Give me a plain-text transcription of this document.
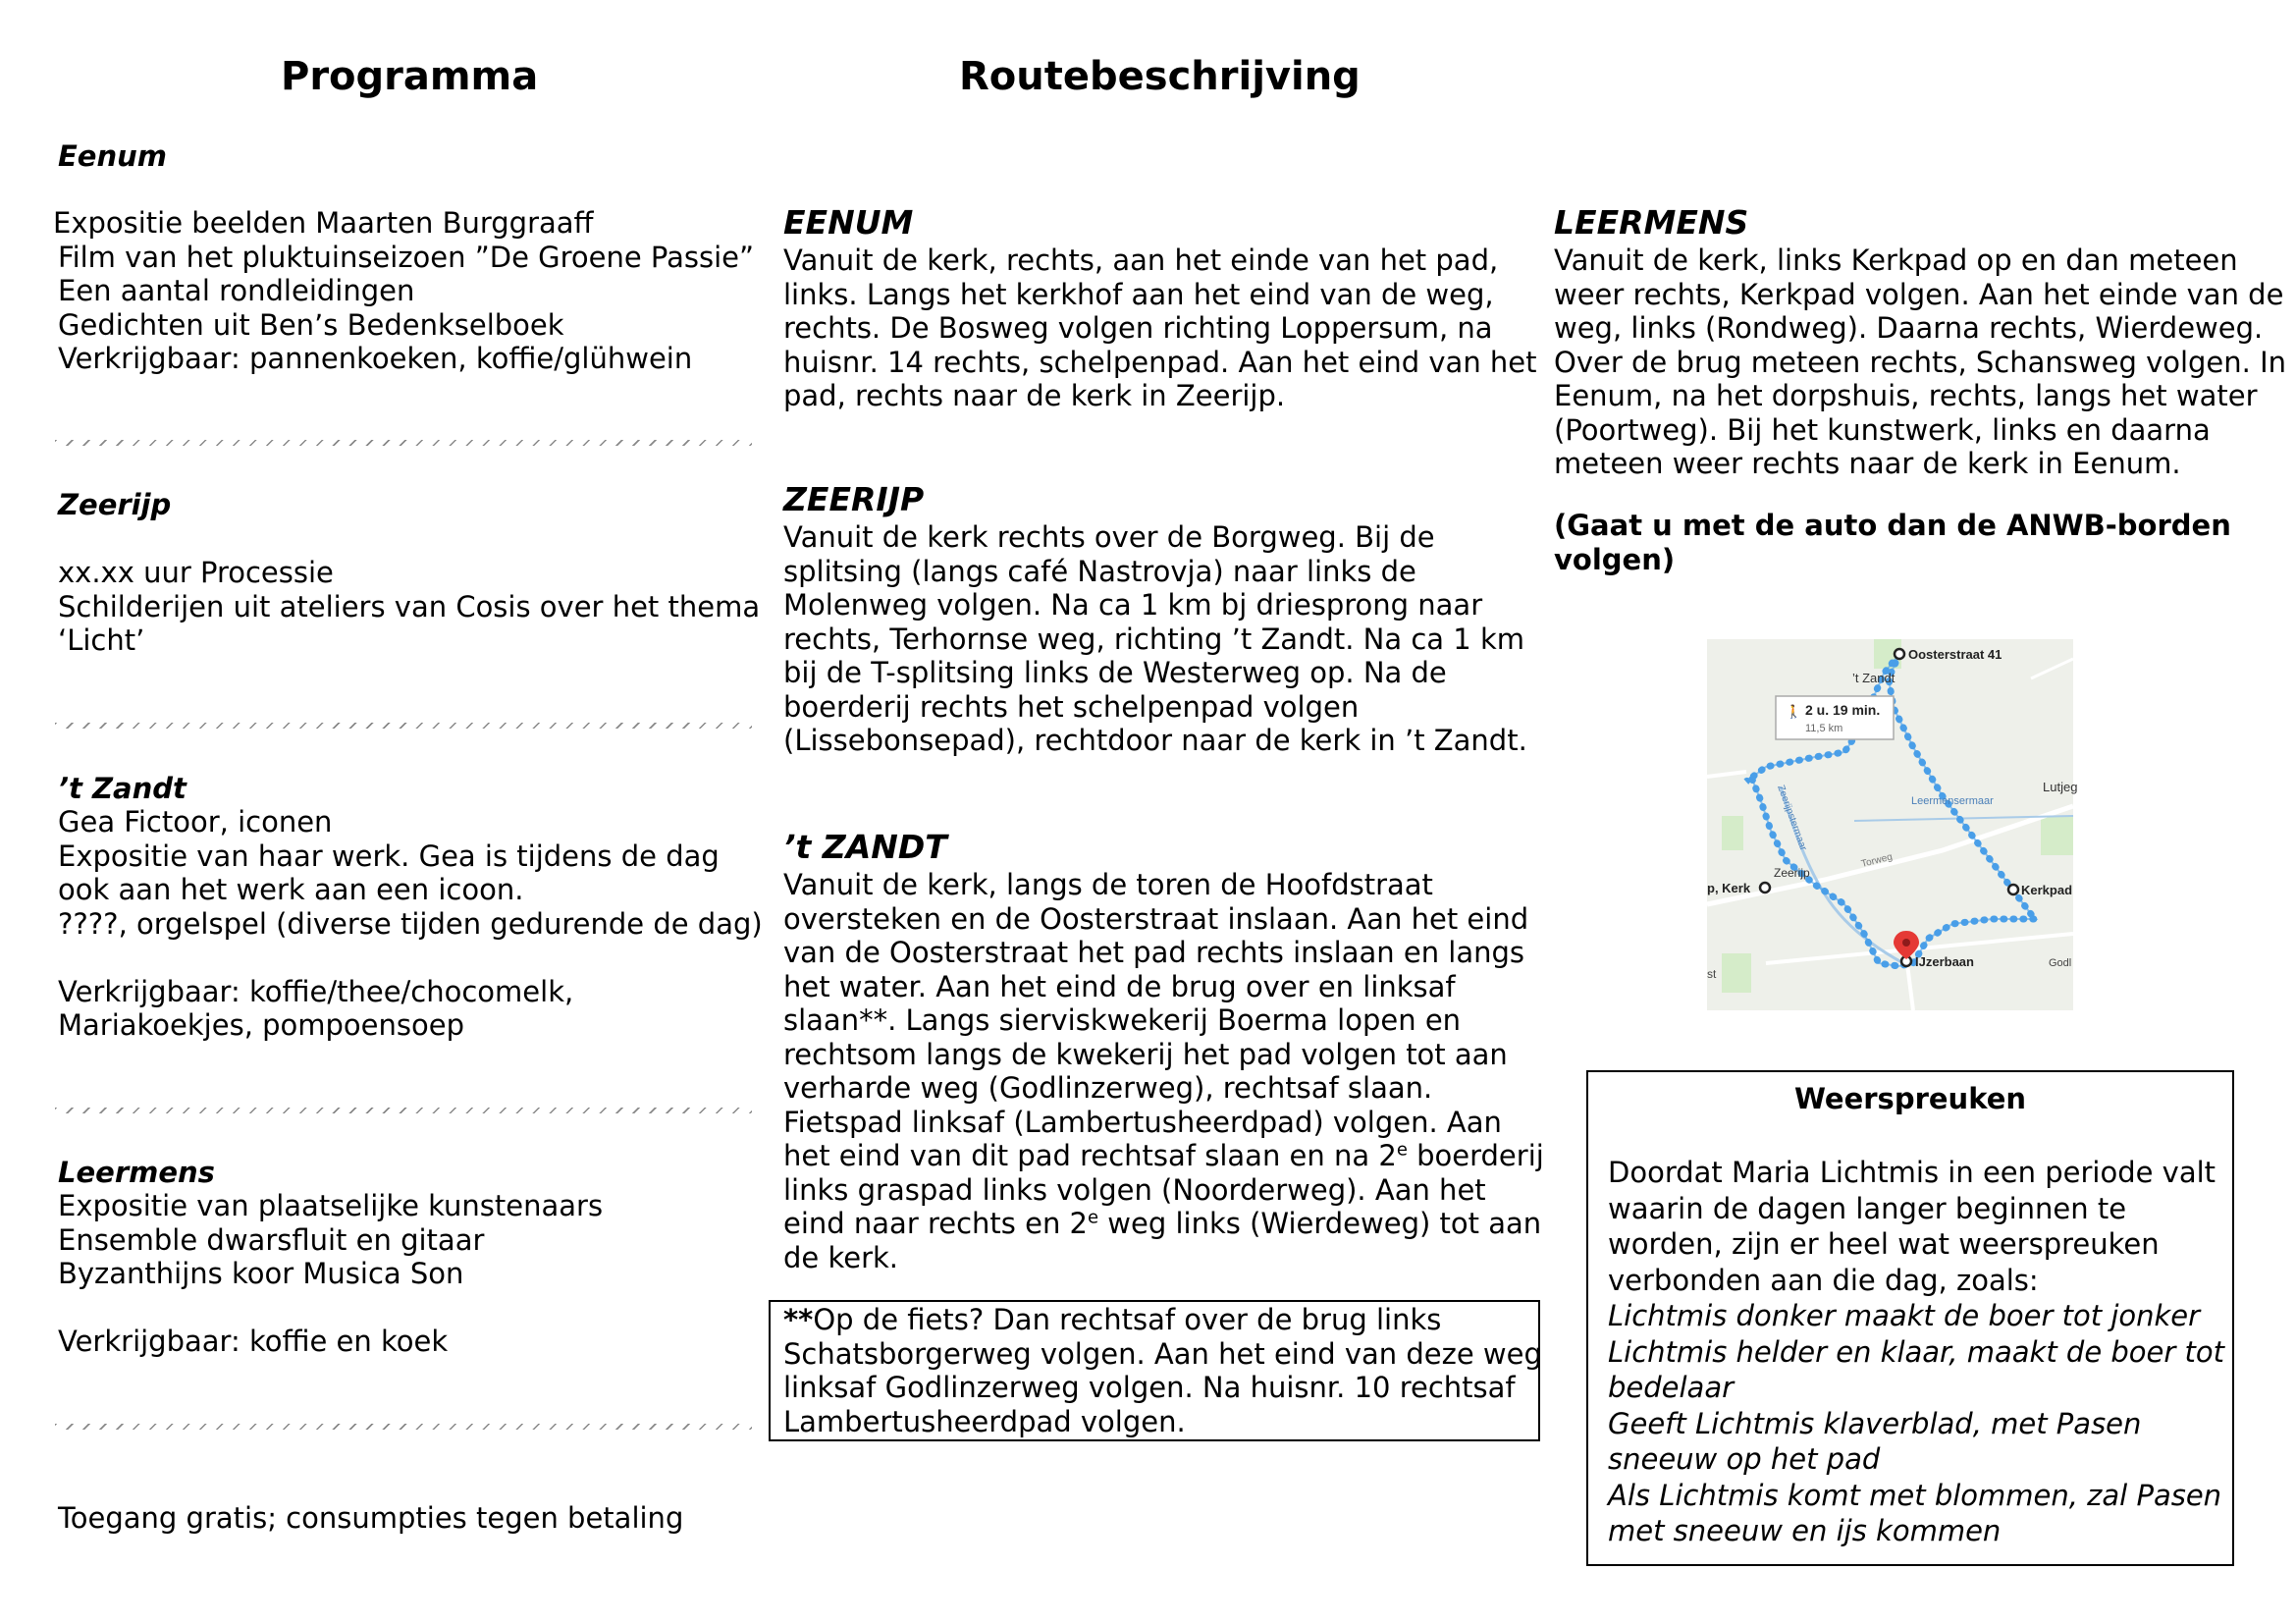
Programma
Eenum
Expositie beelden Maarten Burggraaff
Film van het pluktuinseizoen ”De Groene Passie”
Een aantal rondleidingen
Gedichten uit Ben’s Bedenkselboek
Verkrijgbaar: pannenkoeken, koffie/glühwein
Zeerijp
xx.xx uur Processie
Schilderijen uit ateliers van Cosis over het thema
‘Licht’
’t Zandt
Gea Fictoor, iconen
Expositie van haar werk. Gea is tijdens de dag
ook aan het werk aan een icoon.
????, orgelspel (diverse tijden gedurende de dag)
Verkrijgbaar: koffie/thee/chocomelk,
Mariakoekjes, pompoensoep
Leermens
Expositie van plaatselijke kunstenaars
Ensemble dwarsfluit en gitaar
Byzanthijns koor Musica Son
Verkrijgbaar: koffie en koek
Toegang gratis; consumpties tegen betaling
Routebeschrijving
EENUM
Vanuit de kerk, rechts, aan het einde van het pad,
links. Langs het kerkhof aan het eind van de weg,
rechts. De Bosweg volgen richting Loppersum, na
huisnr. 14 rechts, schelpenpad. Aan het eind van het
pad, rechts naar de kerk in Zeerijp.
ZEERIJP
Vanuit de kerk rechts over de Borgweg. Bij de
splitsing (langs café Nastrovja) naar links de
Molenweg volgen. Na ca 1 km bj driesprong naar
rechts, Terhornse weg, richting ’t Zandt. Na ca 1 km
bij de T-splitsing links de Westerweg op. Na de
boerderij rechts het schelpenpad volgen
(Lissebonsepad), rechtdoor naar de kerk in ’t Zandt.
’t ZANDT
Vanuit de kerk, langs de toren de Hoofdstraat
oversteken en de Oosterstraat inslaan. Aan het eind
van de Oosterstraat het pad rechts inslaan en langs
het water. Aan het eind de brug over en linksaf
slaan**. Langs sierviskwekerij Boerma lopen en
rechtsom langs de kwekerij het pad volgen tot aan
verharde weg (Godlinzerweg), rechtsaf slaan.
Fietspad linksaf (Lambertusheerdpad) volgen. Aan
het eind van dit pad rechtsaf slaan en na 2e boerderij
links graspad links volgen (Noorderweg). Aan het
eind naar rechts en 2e weg links (Wierdeweg) tot aan
de kerk.
**Op de fiets? Dan rechtsaf over de brug links
Schatsborgerweg volgen. Aan het eind van deze weg
linksaf Godlinzerweg volgen. Na huisnr. 10 rechtsaf
Lambertusheerdpad volgen.
LEERMENS
Vanuit de kerk, links Kerkpad op en dan meteen
weer rechts, Kerkpad volgen. Aan het einde van de
weg, links (Rondweg). Daarna rechts, Wierdeweg.
Over de brug meteen rechts, Schansweg volgen. In
Eenum, na het dorpshuis, rechts, langs het water
(Poortweg). Bij het kunstwerk, links en daarna
meteen weer rechts naar de kerk in Eenum.
(Gaat u met de auto dan de ANWB-borden
volgen)
🚶 2 u. 19 min.
11,5 km
Oosterstraat 41
’t Zandt
Lutjeg
Leermensermaar
Zeerijpstermaar
Torweg
p, Kerk
Zeerijp
Kerkpad
IJzerbaan	Godl
st
Weerspreuken
Doordat Maria Lichtmis in een periode valt
waarin de dagen langer beginnen te
worden, zijn er heel wat weerspreuken
verbonden aan die dag, zoals:
Lichtmis donker maakt de boer tot jonker
Lichtmis helder en klaar, maakt de boer tot
bedelaar
Geeft Lichtmis klaverblad, met Pasen
sneeuw op het pad
Als Lichtmis komt met blommen, zal Pasen
met sneeuw en ijs kommen
